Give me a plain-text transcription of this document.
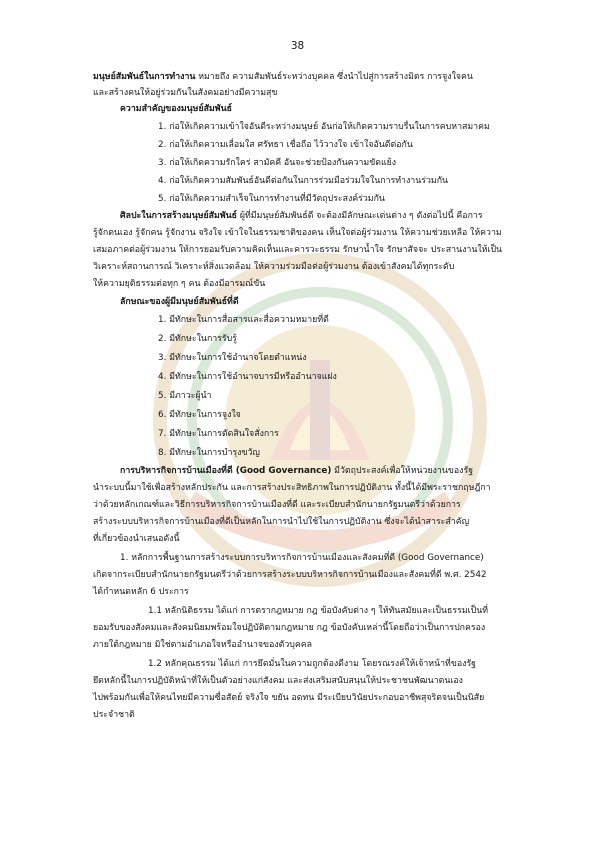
38
มนุษย์สัมพันธ์ในการทำงาน หมายถึง ความสัมพันธ์ระหว่างบุคคล ซึ่งนำไปสู่การสร้างมิตร การจูงใจคน
และสร้างคนให้อยู่ร่วมกันในสังคมอย่างมีความสุข
ความสำคัญของมนุษย์สัมพันธ์
1. ก่อให้เกิดความเข้าใจอันดีระหว่างมนุษย์ อันก่อให้เกิดความราบรื่นในการคบหาสมาคม
2. ก่อให้เกิดความเลื่อมใส ศรัทธา เชื่อถือ ไว้วางใจ เข้าใจอันดีต่อกัน
3. ก่อให้เกิดความรักใคร่ สามัคคี อันจะช่วยป้องกันความขัดแย้ง
4. ก่อให้เกิดความสัมพันธ์อันดีต่อกันในการร่วมมือร่วมใจในการทำงานร่วมกัน
5. ก่อให้เกิดความสำเร็จในการทำงานที่มีวัตถุประสงค์ร่วมกัน
ศิลปะในการสร้างมนุษย์สัมพันธ์ ผู้ที่มีมนุษย์สัมพันธ์ดี จะต้องมีลักษณะเด่นต่าง ๆ ดังต่อไปนี้ คือการ
รู้จักตนเอง รู้จักคน รู้จักงาน จริงใจ เข้าใจในธรรมชาติของคน เห็นใจต่อผู้ร่วมงาน ให้ความช่วยเหลือ ให้ความ
เสมอภาคต่อผู้ร่วมงาน ให้การยอมรับความคิดเห็นและคารวะธรรม รักษาน้ำใจ รักษาสัจจะ ประสานงานให้เป็น
วิเคราะห์สถานการณ์ วิเคราะห์สิ่งแวดล้อม ให้ความร่วมมือต่อผู้ร่วมงาน ต้องเข้าสังคมได้ทุกระดับ
ให้ความยุติธรรมต่อทุก ๆ คน ต้องมีอารมณ์ขัน
ลักษณะของผู้มีมนุษย์สัมพันธ์ที่ดี
1. มีทักษะในการสื่อสารและสื่อความหมายที่ดี
2. มีทักษะในการรับรู้
3. มีทักษะในการใช้อำนาจโดยตำแหน่ง
4. มีทักษะในการใช้อำนาจบารมีหรืออำนาจแฝง
5. มีภาวะผู้นำ
6. มีทักษะในการจูงใจ
7. มีทักษะในการตัดสินใจสั่งการ
8. มีทักษะในการบำรุงขวัญ
การบริหารกิจการบ้านเมืองที่ดี (Good Governance) มีวัตถุประสงค์เพื่อให้หน่วยงานของรัฐ
นำระบบนี้มาใช้เพื่อสร้างหลักประกัน และการสร้างประสิทธิภาพในการปฏิบัติงาน ทั้งนี้ได้มีพระราชกฤษฎีกา
ว่าด้วยหลักเกณฑ์และวิธีการบริหารกิจการบ้านเมืองที่ดี และระเบียบสำนักนายกรัฐมนตรีว่าด้วยการ
สร้างระบบบริหารกิจการบ้านเมืองที่ดีเป็นหลักในการนำไปใช้ในการปฏิบัติงาน ซึ่งจะได้นำสาระสำคัญ
ที่เกี่ยวข้องนำเสนอดังนี้
1. หลักการพื้นฐานการสร้างระบบการบริหารกิจการบ้านเมืองและสังคมที่ดี (Good Governance)
เกิดจากระเบียบสำนักนายกรัฐมนตรีว่าด้วยการสร้างระบบบริหารกิจการบ้านเมืองและสังคมที่ดี พ.ศ. 2542
ได้กำหนดหลัก 6 ประการ
1.1 หลักนิติธรรม ได้แก่ การตรากฎหมาย กฎ ข้อบังคับต่าง ๆ ให้ทันสมัยและเป็นธรรมเป็นที่
ยอมรับของสังคมและสังคมนิยมพร้อมใจปฏิบัติตามกฎหมาย กฎ ข้อบังคับเหล่านี้โดยถือว่าเป็นการปกครอง
ภายใต้กฎหมาย มิใช่ตามอำเภอใจหรืออำนาจของตัวบุคคล
1.2 หลักคุณธรรม ได้แก่ การยึดมั่นในความถูกต้องดีงาม โดยรณรงค์ให้เจ้าหน้าที่ของรัฐ
ยึดหลักนี้ในการปฏิบัติหน้าที่ให้เป็นตัวอย่างแก่สังคม และส่งเสริมสนับสนุนให้ประชาชนพัฒนาตนเอง
ไปพร้อมกันเพื่อให้คนไทยมีความซื่อสัตย์ จริงใจ ขยัน อดทน มีระเบียบวินัยประกอบอาชีพสุจริตจนเป็นนิสัย
ประจำชาติ
